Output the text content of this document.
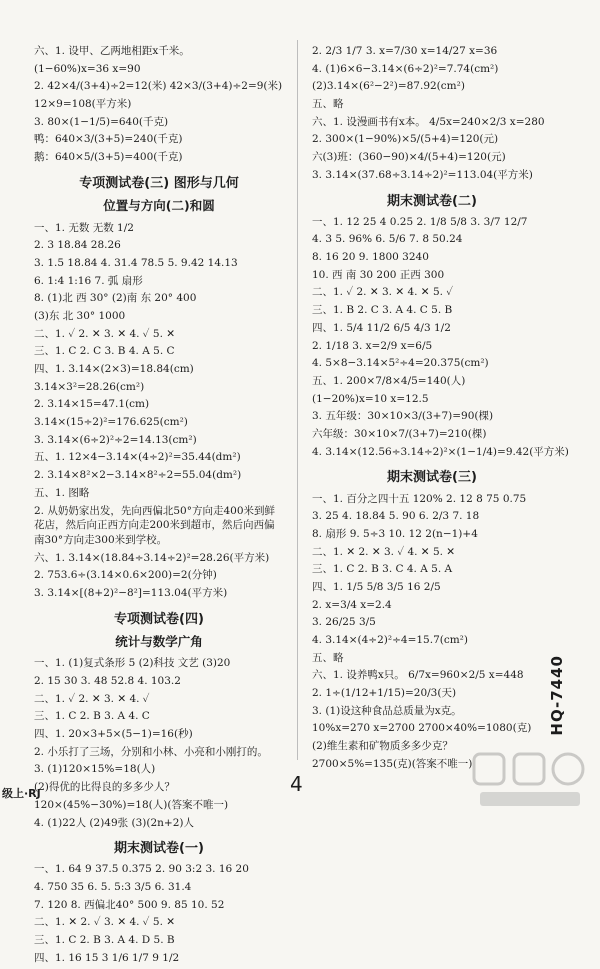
六、1. 设甲、乙两地相距x千米。
(1−60%)x=36 x=90
2. 42×4/(3+4)÷2=12(米) 42×3/(3+4)÷2=9(米)
12×9=108(平方米)
3. 80×(1−1/5)=640(千克)
鸭：640×3/(3+5)=240(千克)
鹅：640×5/(3+5)=400(千克)
专项测试卷(三) 图形与几何
位置与方向(二)和圆
一、1. 无数 无数 1/2
2. 3 18.84 28.26
3. 1.5 18.84 4. 31.4 78.5 5. 9.42 14.13
6. 1:4 1:16 7. 弧 扇形
8. (1)北 西 30° (2)南 东 20° 400
(3)东 北 30° 1000
二、1. ✓ 2. ✕ 3. ✕ 4. ✓ 5. ✕
三、1. C 2. C 3. B 4. A 5. C
四、1. 3.14×(2×3)=18.84(cm)
3.14×3²=28.26(cm²)
2. 3.14×15=47.1(cm)
3.14×(15÷2)²=176.625(cm²)
3. 3.14×(6÷2)²÷2=14.13(cm²)
五、1. 12×4−3.14×(4÷2)²=35.44(dm²)
2. 3.14×8²×2−3.14×8²÷2=55.04(dm²)
五、1. 图略
2. 从奶奶家出发，先向西偏北50°方向走400米到鲜花店，然后向正西方向走200米到超市，然后向西偏南30°方向走300米到学校。
六、1. 3.14×(18.84÷3.14÷2)²=28.26(平方米)
2. 753.6÷(3.14×0.6×200)=2(分钟)
3. 3.14×[(8+2)²−8²]=113.04(平方米)
专项测试卷(四)
统计与数学广角
一、1. (1)复式条形 5 (2)科技 文艺 (3)20
2. 15 30 3. 48 52.8 4. 103.2
二、1. ✓ 2. ✕ 3. ✕ 4. ✓
三、1. C 2. B 3. A 4. C
四、1. 20×3+5×(5−1)=16(秒)
2. 小乐打了三场，分别和小林、小亮和小刚打的。
3. (1)120×15%=18(人)
(2)得优的比得良的多多少人？
120×(45%−30%)=18(人)(答案不唯一)
4. (1)22人 (2)49张 (3)(2n+2)人
期末测试卷(一)
一、1. 64 9 37.5 0.375 2. 90 3:2 3. 16 20
4. 750 35 6. 5. 5:3 3/5 6. 31.4
7. 120 8. 西偏北40° 500 9. 85 10. 52
二、1. ✕ 2. ✓ 3. ✕ 4. ✓ 5. ✕
三、1. C 2. B 3. A 4. D 5. B
四、1. 16 15 3 1/6 1/7 9 1/2
2. 2/3 1/7 3. x=7/30 x=14/27 x=36
4. (1)6×6−3.14×(6÷2)²=7.74(cm²)
(2)3.14×(6²−2²)=87.92(cm²)
五、略
六、1. 设漫画书有x本。 4/5x=240×2/3 x=280
2. 300×(1−90%)×5/(5+4)=120(元)
六(3)班：(360−90)×4/(5+4)=120(元)
3. 3.14×(37.68÷3.14÷2)²=113.04(平方米)
期末测试卷(二)
一、1. 12 25 4 0.25 2. 1/8 5/8 3. 3/7 12/7
4. 3 5. 96% 6. 5/6 7. 8 50.24
8. 16 20 9. 1800 3240
10. 西 南 30 200 正西 300
二、1. ✓ 2. ✕ 3. ✕ 4. ✕ 5. ✓
三、1. B 2. C 3. A 4. C 5. B
四、1. 5/4 11/2 6/5 4/3 1/2
2. 1/18 3. x=2/9 x=6/5
4. 5×8−3.14×5²÷4=20.375(cm²)
五、1. 200×7/8×4/5=140(人)
(1−20%)x=10 x=12.5
3. 五年级：30×10×3/(3+7)=90(棵)
六年级：30×10×7/(3+7)=210(棵)
4. 3.14×(12.56÷3.14÷2)²×(1−1/4)=9.42(平方米)
期末测试卷(三)
一、1. 百分之四十五 120% 2. 12 8 75 0.75
3. 25 4. 18.84 5. 90 6. 2/3 7. 18
8. 扇形 9. 5÷3 10. 12 2(n−1)+4
二、1. ✕ 2. ✕ 3. ✓ 4. ✕ 5. ✕
三、1. C 2. B 3. C 4. A 5. A
四、1. 1/5 5/8 3/5 16 2/5
2. x=3/4 x=2.4
3. 26/25 3/5
4. 3.14×(4÷2)²÷4=15.7(cm²)
五、略
六、1. 设养鸭x只。 6/7x=960×2/5 x=448
2. 1÷(1/12+1/15)=20/3(天)
3. (1)设这种食品总质量为x克。
10%x=270 x=2700 2700×40%=1080(克)
(2)维生素和矿物质多多少克？
2700×5%=135(克)(答案不唯一)
级上·RJ	4
HQ-7440
